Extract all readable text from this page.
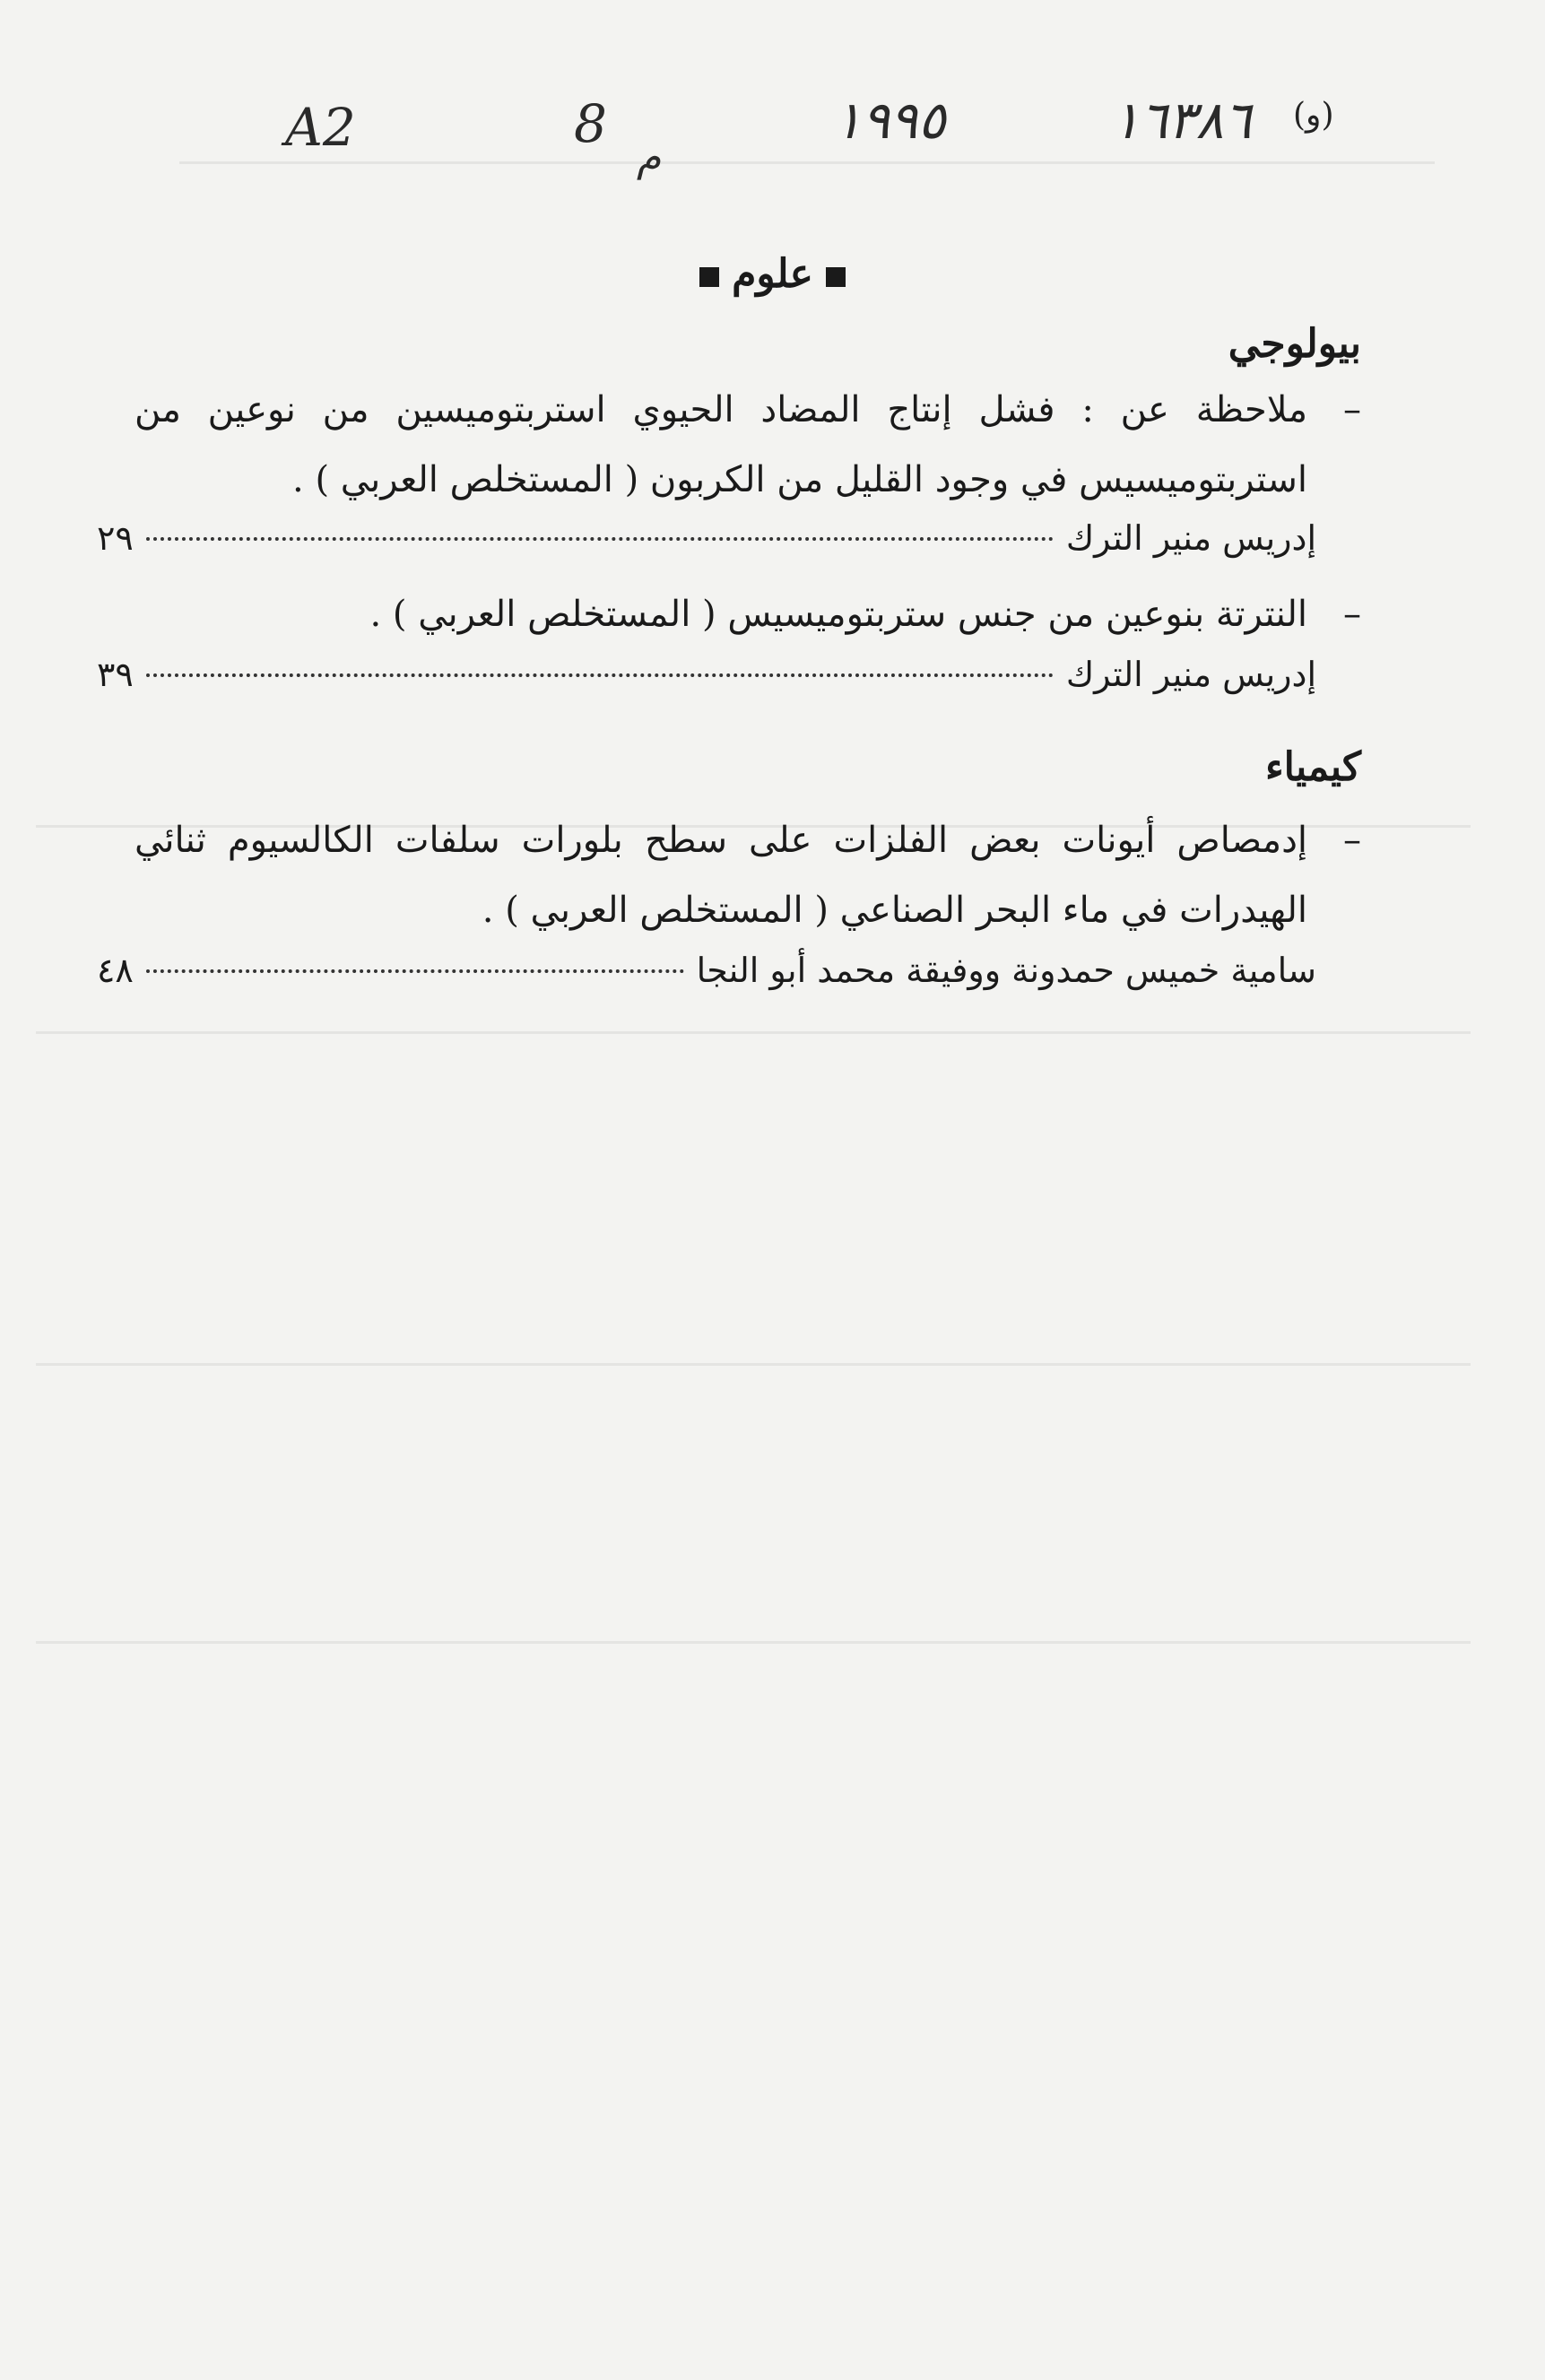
A2	8
م
١٩٩٥	١٦٣٨٦ (و)
علوم
بيولوجي
–
ملاحظة عن : فشل إنتاج المضاد الحيوي استربتوميسين من نوعين من استربتوميسيس في وجود القليل من الكربون ( المستخلص العربي ) .
إدريس منير الترك
٢٩
–
النترتة بنوعين من جنس ستربتوميسيس ( المستخلص العربي ) .
إدريس منير الترك
٣٩
كيمياء
–
إدمصاص أيونات بعض الفلزات على سطح بلورات سلفات الكالسيوم ثنائي الهيدرات في ماء البحر الصناعي ( المستخلص العربي ) .
سامية خميس حمدونة ووفيقة محمد أبو النجا
٤٨
